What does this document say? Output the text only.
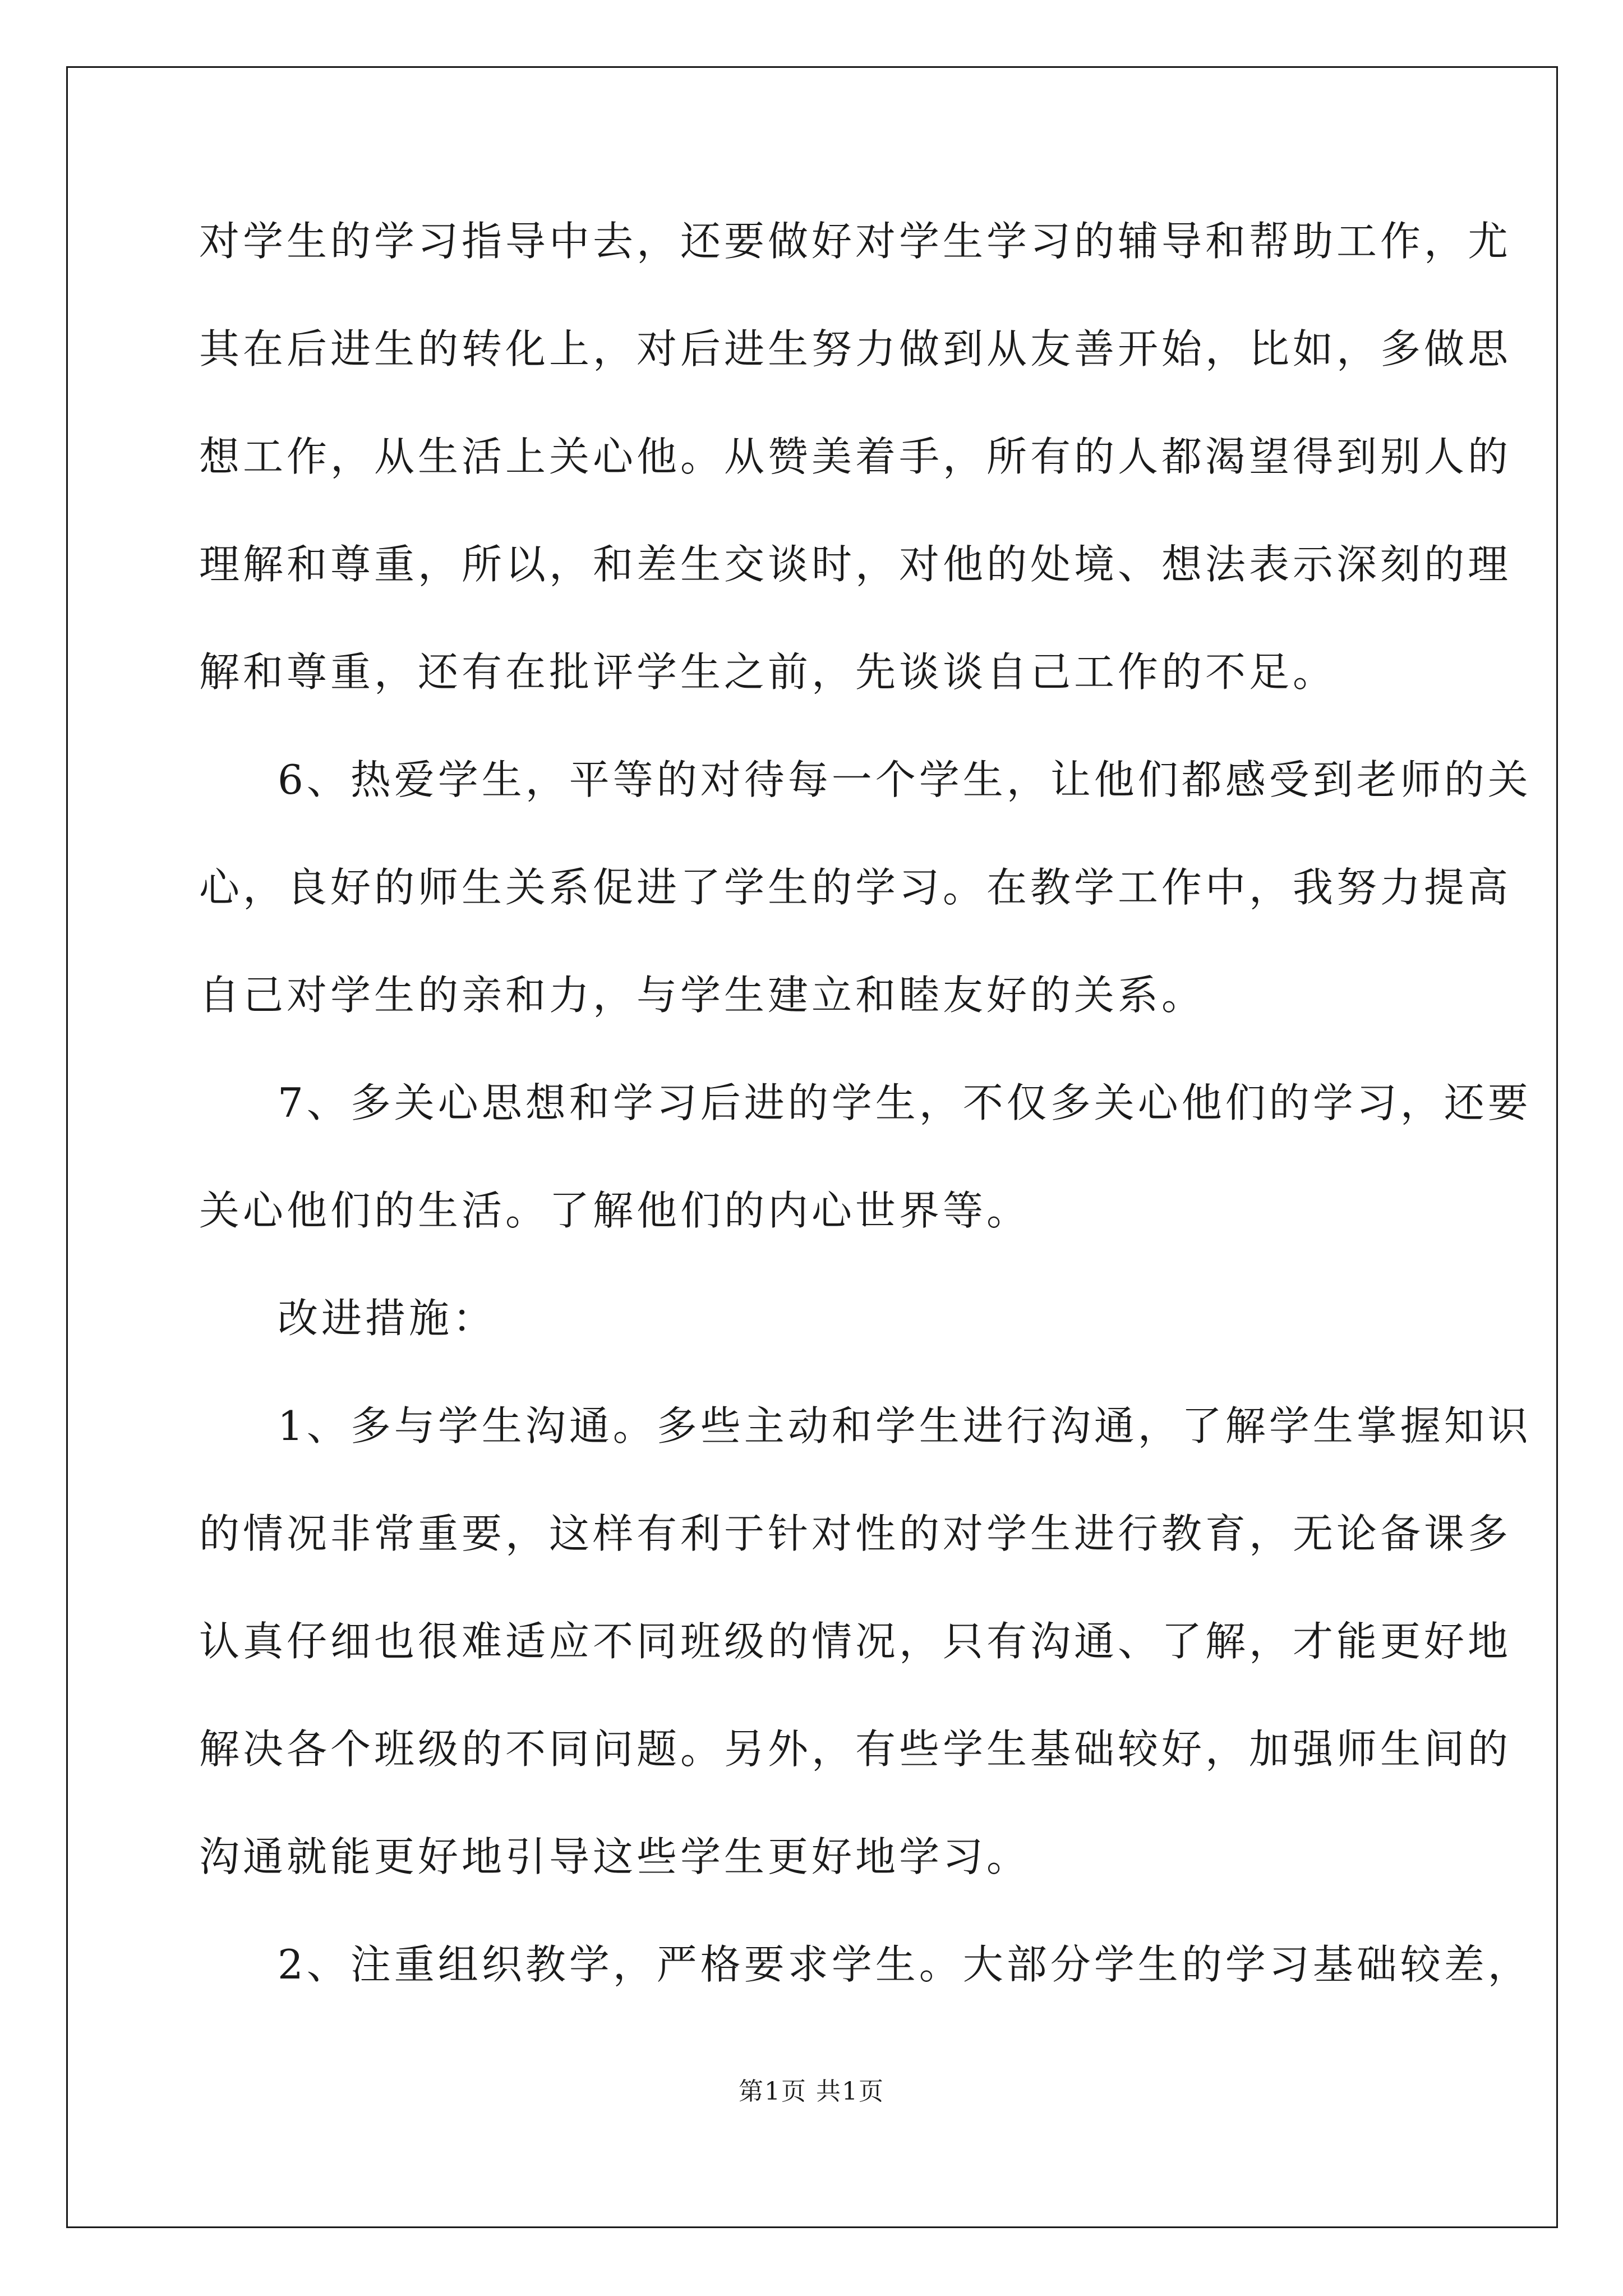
对学生的学习指导中去，还要做好对学生学习的辅导和帮助工作，尤
其在后进生的转化上，对后进生努力做到从友善开始，比如，多做思
想工作，从生活上关心他。从赞美着手，所有的人都渴望得到别人的
理解和尊重，所以，和差生交谈时，对他的处境、想法表示深刻的理
解和尊重，还有在批评学生之前，先谈谈自己工作的不足。
6、热爱学生，平等的对待每一个学生，让他们都感受到老师的关
心，良好的师生关系促进了学生的学习。在教学工作中，我努力提高
自己对学生的亲和力，与学生建立和睦友好的关系。
7、多关心思想和学习后进的学生，不仅多关心他们的学习，还要
关心他们的生活。了解他们的内心世界等。
改进措施：
1、多与学生沟通。多些主动和学生进行沟通，了解学生掌握知识
的情况非常重要，这样有利于针对性的对学生进行教育，无论备课多
认真仔细也很难适应不同班级的情况，只有沟通、了解，才能更好地
解决各个班级的不同问题。另外，有些学生基础较好，加强师生间的
沟通就能更好地引导这些学生更好地学习。
2、注重组织教学，严格要求学生。大部分学生的学习基础较差，
第1页 共1页
